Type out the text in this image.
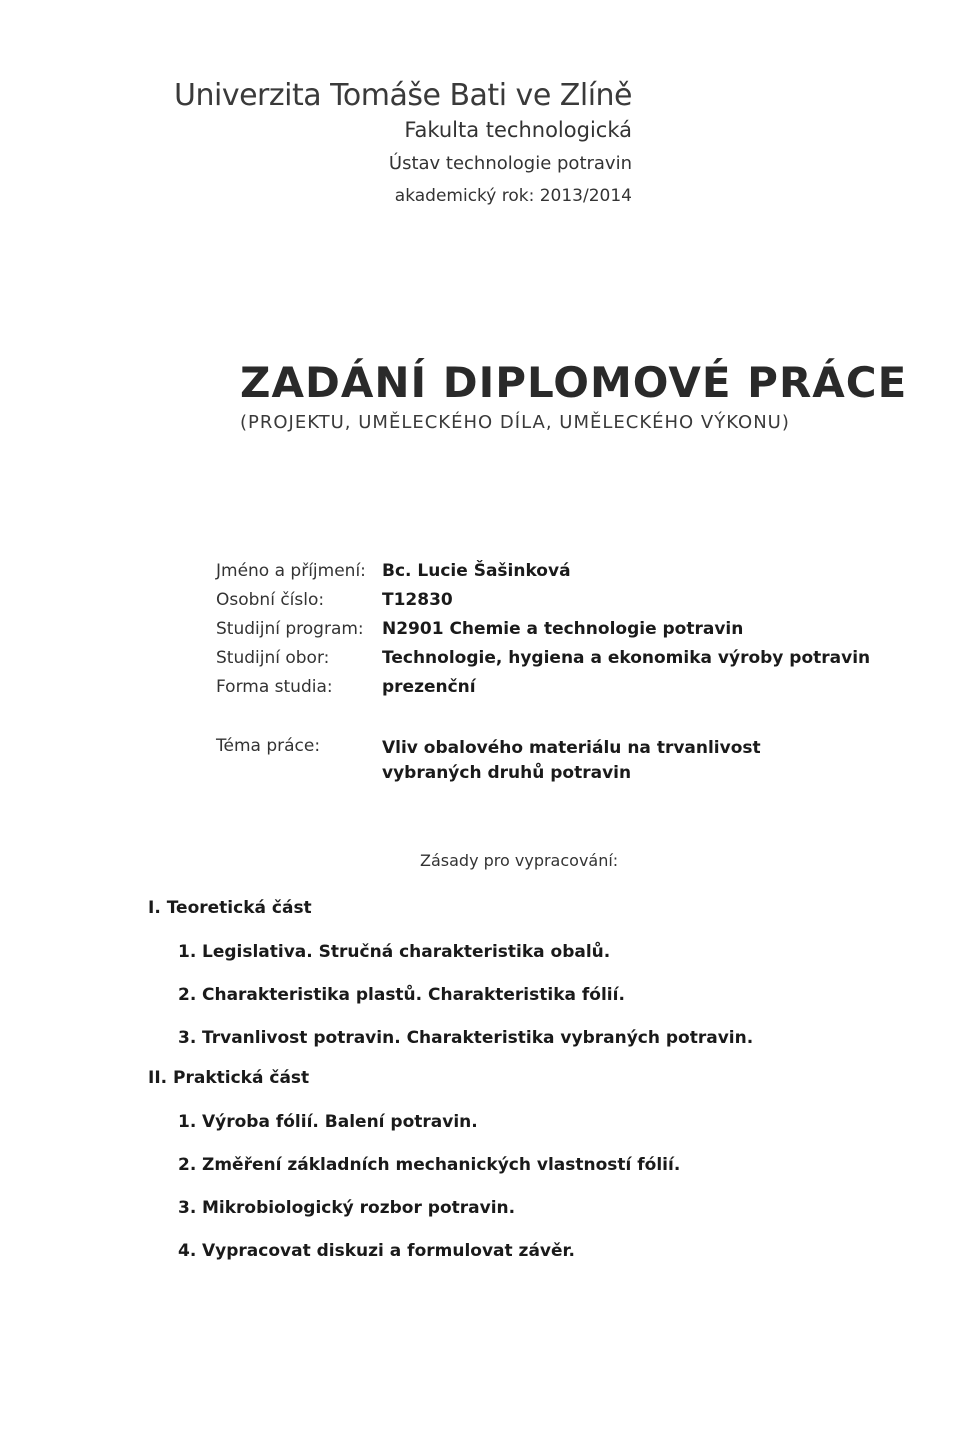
Univerzita Tomáše Bati ve Zlíně
Fakulta technologická
Ústav technologie potravin
akademický rok: 2013/2014
ZADÁNÍ DIPLOMOVÉ PRÁCE
(PROJEKTU, UMĚLECKÉHO DÍLA, UMĚLECKÉHO VÝKONU)
Jméno a příjmení: Bc. Lucie Šašinková
Osobní číslo:	T12830
Studijní program: N2901 Chemie a technologie potravin
Studijní obor:	Technologie, hygiena a ekonomika výroby potravin
Forma studia:	prezenční
Téma práce:	Vliv obalového materiálu na trvanlivost vybraných druhů potravin
Zásady pro vypracování:
I. Teoretická část
1. Legislativa. Stručná charakteristika obalů.
2. Charakteristika plastů. Charakteristika fólií.
3. Trvanlivost potravin. Charakteristika vybraných potravin.
II. Praktická část
1. Výroba fólií. Balení potravin.
2. Změření základních mechanických vlastností fólií.
3. Mikrobiologický rozbor potravin.
4. Vypracovat diskuzi a formulovat závěr.
